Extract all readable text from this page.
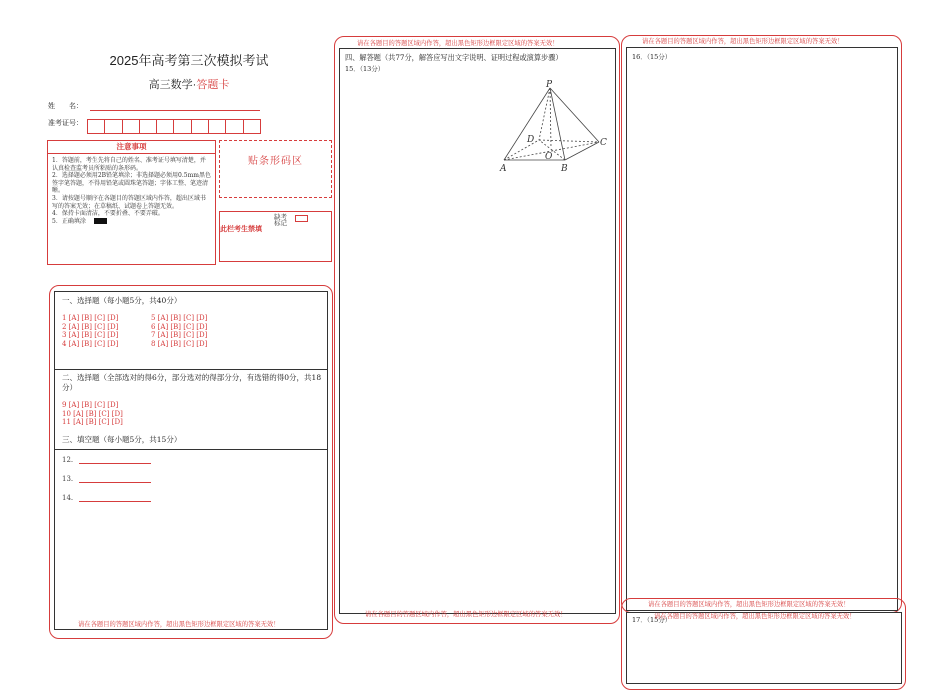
2025年高考第三次模拟考试
高三数学·答题卡
姓　　名：
准考证号：
注意事项
1．答题前，考生先将自己的姓名、准考证号填写清楚，并认真检查监考员所粘贴的条形码。
2．选择题必须用2B铅笔填涂；非选择题必须用0.5mm黑色签字笔答题，不得用铅笔或圆珠笔答题；字体工整、笔迹清晰。
3．请按题号顺序在各题目的答题区域内作答，超出区域书写的答案无效；在草稿纸、试题卷上答题无效。
4．保持卡面清洁，不要折叠、不要弄破。
5．正确填涂
贴条形码区
此栏考生禁填
缺考标记
一、选择题（每小题5分，共40分）
1 [A] [B] [C] [D]
2 [A] [B] [C] [D]
3 [A] [B] [C] [D]
4 [A] [B] [C] [D]
5 [A] [B] [C] [D]
6 [A] [B] [C] [D]
7 [A] [B] [C] [D]
8 [A] [B] [C] [D]
二、选择题（全部选对的得6分，部分选对的得部分分，有选错的得0分，共18分）
9 [A] [B] [C] [D]
10 [A] [B] [C] [D]
11 [A] [B] [C] [D]
三、填空题（每小题5分，共15分）
12.
13.
14.
请在各题目的答题区域内作答，超出黑色矩形边框限定区域的答案无效！
请在各题目的答题区域内作答，超出黑色矩形边框限定区域的答案无效！
四、解答题（共77分，解答应写出文字说明、证明过程或演算步骤）
15．（13分）
P
A	B
C
D
O
请在各题目的答题区域内作答，超出黑色矩形边框限定区域的答案无效！
请在各题目的答题区域内作答，超出黑色矩形边框限定区域的答案无效！
16．（15分）
请在各题目的答题区域内作答，超出黑色矩形边框限定区域的答案无效！
17．（15分）
请在各题目的答题区域内作答，超出黑色矩形边框限定区域的答案无效！
